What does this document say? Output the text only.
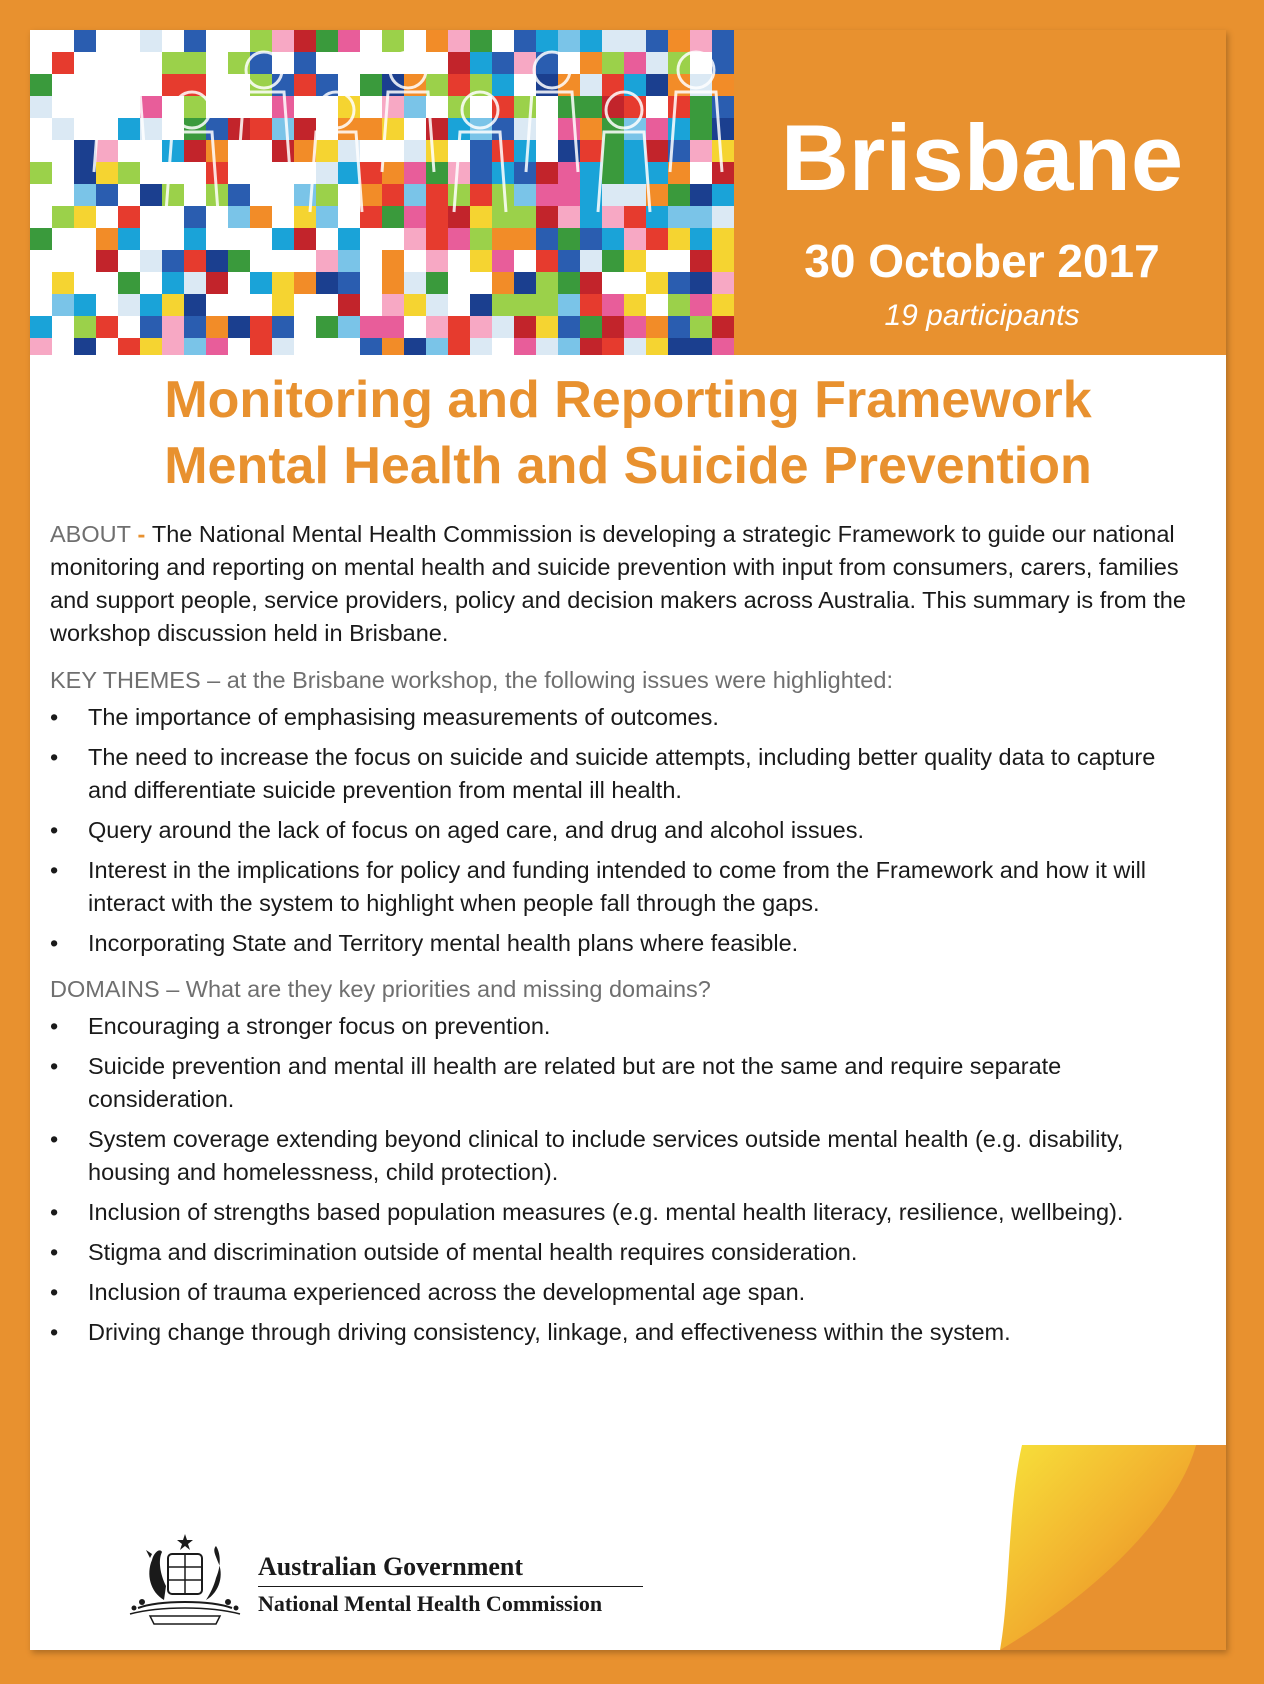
Brisbane
30 October 2017
19 participants
Monitoring and Reporting Framework
Mental Health and Suicide Prevention

ABOUT - The National Mental Health Commission is developing a strategic Framework to guide our national monitoring and reporting on mental health and suicide prevention with input from consumers, carers, families and support people, service providers, policy and decision makers across Australia. This summary is from the workshop discussion held in Brisbane.

KEY THEMES – at the Brisbane workshop, the following issues were highlighted:
•	The importance of emphasising measurements of outcomes.
•	The need to increase the focus on suicide and suicide attempts, including better quality data to capture and differentiate suicide prevention from mental ill health.
•	Query around the lack of focus on aged care, and drug and alcohol issues.
•	Interest in the implications for policy and funding intended to come from the Framework and how it will interact with the system to highlight when people fall through the gaps.
•	Incorporating State and Territory mental health plans where feasible.
DOMAINS – What are they key priorities and missing domains?
•	Encouraging a stronger focus on prevention.
•	Suicide prevention and mental ill health are related but are not the same and require separate consideration.
•	System coverage extending beyond clinical to include services outside mental health (e.g. disability, housing and homelessness, child protection).
•	Inclusion of strengths based population measures (e.g. mental health literacy, resilience, wellbeing).
•	Stigma and discrimination outside of mental health requires consideration.
•	Inclusion of trauma experienced across the developmental age span.
•	Driving change through driving consistency, linkage, and effectiveness within the system.
Australian Government
National Mental Health Commission
